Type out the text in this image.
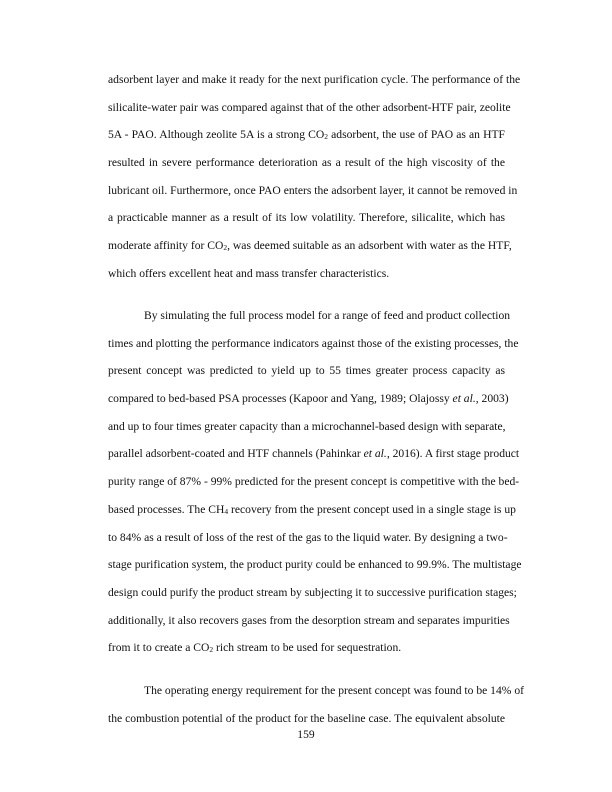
adsorbent layer and make it ready for the next purification cycle. The performance of the
silicalite-water pair was compared against that of the other adsorbent-HTF pair, zeolite
5A - PAO. Although zeolite 5A is a strong $CO_2$ adsorbent, the use of PAO as an HTF
resulted in severe performance deterioration as a result of the high viscosity of the
lubricant oil. Furthermore, once PAO enters the adsorbent layer, it cannot be removed in
a practicable manner as a result of its low volatility. Therefore, silicalite, which has
moderate affinity for $CO_2$, was deemed suitable as an adsorbent with water as the HTF,
which offers excellent heat and mass transfer characteristics.
By simulating the full process model for a range of feed and product collection
times and plotting the performance indicators against those of the existing processes, the
present concept was predicted to yield up to 55 times greater process capacity as
compared to bed-based PSA processes (Kapoor and Yang, 1989; Olajossy et al., 2003)
and up to four times greater capacity than a microchannel-based design with separate,
parallel adsorbent-coated and HTF channels (Pahinkar et al., 2016). A first stage product
purity range of 87% - 99% predicted for the present concept is competitive with the bed-
based processes. The $CH_4$ recovery from the present concept used in a single stage is up
to 84% as a result of loss of the rest of the gas to the liquid water. By designing a two-
stage purification system, the product purity could be enhanced to 99.9%. The multistage
design could purify the product stream by subjecting it to successive purification stages;
additionally, it also recovers gases from the desorption stream and separates impurities
from it to create a $CO_2$ rich stream to be used for sequestration.
The operating energy requirement for the present concept was found to be 14% of
the combustion potential of the product for the baseline case. The equivalent absolute
159
